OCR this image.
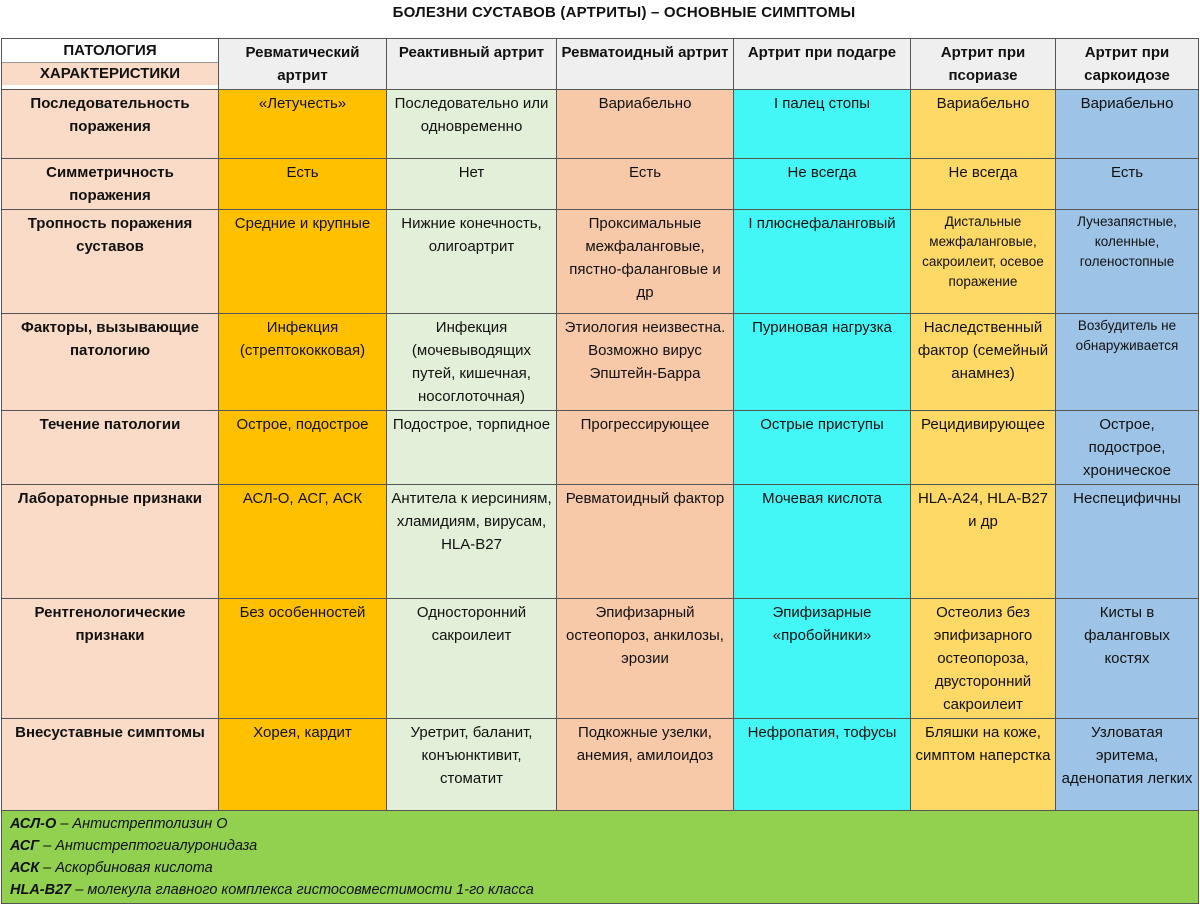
БОЛЕЗНИ СУСТАВОВ (АРТРИТЫ) – ОСНОВНЫЕ СИМПТОМЫ
ПАТОЛОГИЯ
ХАРАКТЕРИСТИКИ	Ревматический артрит	Реактивный артрит	Ревматоидный артрит	Артрит при подагре	Артрит при псориазе	Артрит при саркоидозе
Последовательность поражения	«Летучесть»	Последовательно или одновременно	Вариабельно	I палец стопы	Вариабельно	Вариабельно
Симметричность поражения	Есть	Нет	Есть	Не всегда	Не всегда	Есть
Тропность поражения суставов	Средние и крупные	Нижние конечность, олигоартрит	Проксимальные межфаланговые, пястно-фаланговые и др	I плюснефаланговый	Дистальные межфаланговые, сакроилеит, осевое поражение	Лучезапястные, коленные, голеностопные
Факторы, вызывающие патологию	Инфекция (стрептококковая)	Инфекция (мочевыводящих путей, кишечная, носоглоточная)	Этиология неизвестна. Возможно вирус Эпштейн-Барра	Пуриновая нагрузка	Наследственный фактор (семейный анамнез)	Возбудитель не обнаруживается
Течение патологии	Острое, подострое	Подострое, торпидное	Прогрессирующее	Острые приступы	Рецидивирующее	Острое, подострое, хроническое
Лабораторные признаки	АСЛ-О, АСГ, АСК	Антитела к иерсиниям, хламидиям, вирусам, HLA-B27	Ревматоидный фактор	Мочевая кислота	HLA-A24, HLA-B27 и др	Неспецифичны
Рентгенологические признаки	Без особенностей	Односторонний сакроилеит	Эпифизарный остеопороз, анкилозы, эрозии	Эпифизарные «пробойники»	Остеолиз без эпифизарного остеопороза, двусторонний сакроилеит	Кисты в фаланговых костях
Внесуставные симптомы	Хорея, кардит	Уретрит, баланит, конъюнктивит, стоматит	Подкожные узелки, анемия, амилоидоз	Нефропатия, тофусы	Бляшки на коже, симптом наперстка	Узловатая эритема, аденопатия легких

АСЛ-О – Антистрептолизин О
АСГ – Антистрептогиалуронидаза
АСК – Аскорбиновая кислота
HLA-B27 – молекула главного комплекса гистосовместимости 1-го класса						
